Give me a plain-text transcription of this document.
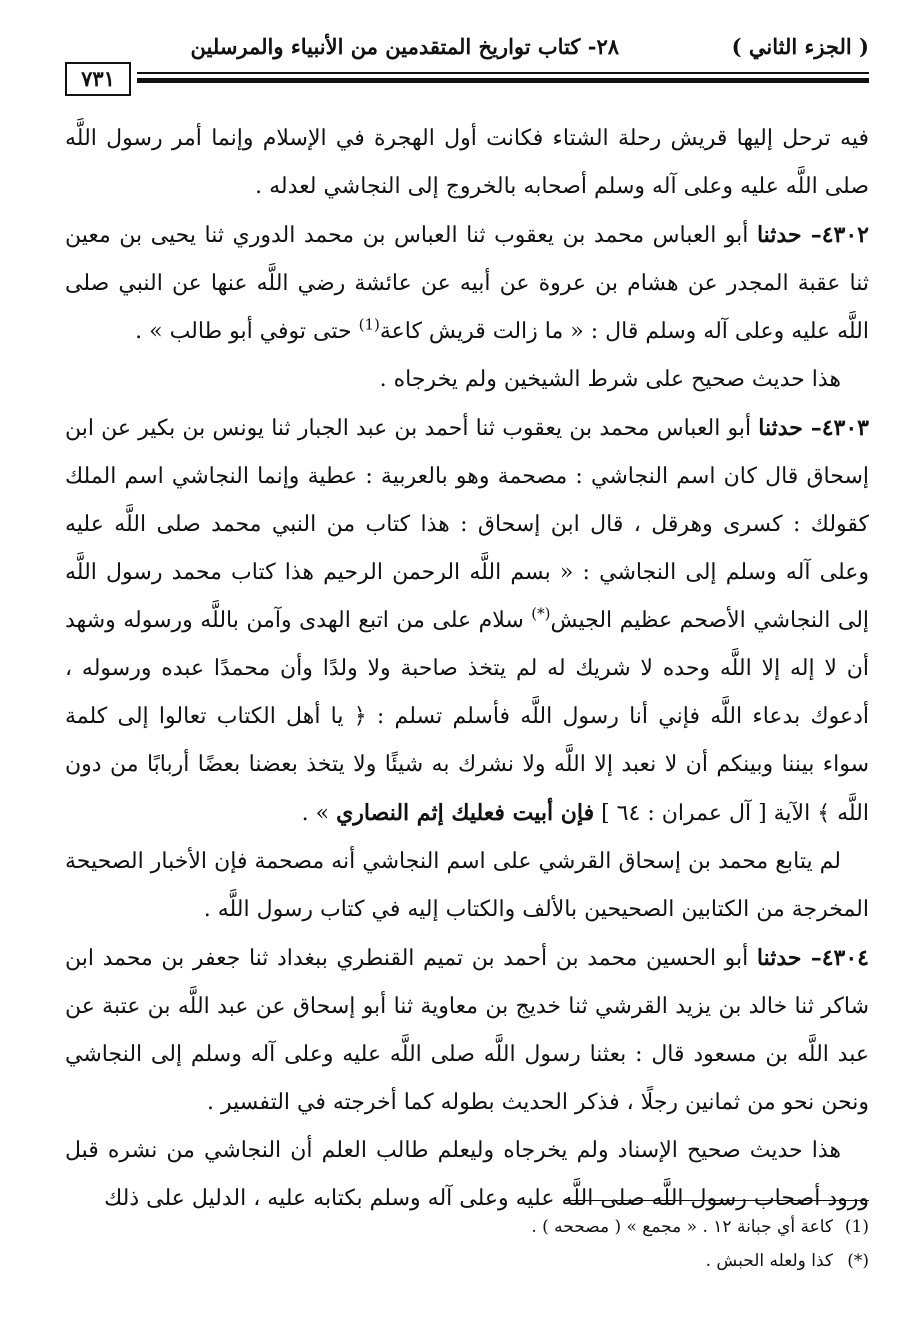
( الجزء الثاني )
٢٨- كتاب تواريخ المتقدمين من الأنبياء والمرسلين
٧٣١

فيه ترحل إليها قريش رحلة الشتاء فكانت أول الهجرة في الإسلام وإنما أمر رسول اللَّه صلى اللَّه عليه وعلى آله وسلم أصحابه بالخروج إلى النجاشي لعدله .

٤٣٠٢– حدثنا أبو العباس محمد بن يعقوب ثنا العباس بن محمد الدوري ثنا يحيى بن معين ثنا عقبة المجدر عن هشام بن عروة عن أبيه عن عائشة رضي اللَّه عنها عن النبي صلى اللَّه عليه وعلى آله وسلم قال : « ما زالت قريش كاعة$^{(1)}$ حتى توفي أبو طالب » .

هذا حديث صحيح على شرط الشيخين ولم يخرجاه .

٤٣٠٣– حدثنا أبو العباس محمد بن يعقوب ثنا أحمد بن عبد الجبار ثنا يونس بن بكير عن ابن إسحاق قال كان اسم النجاشي : مصحمة وهو بالعربية : عطية وإنما النجاشي اسم الملك كقولك : كسرى وهرقل ، قال ابن إسحاق : هذا كتاب من النبي محمد صلى اللَّه عليه وعلى آله وسلم إلى النجاشي : « بسم اللَّه الرحمن الرحيم هذا كتاب محمد رسول اللَّه إلى النجاشي الأصحم عظيم الجيش(*) سلام على من اتبع الهدى وآمن باللَّه ورسوله وشهد أن لا إله إلا اللَّه وحده لا شريك له لم يتخذ صاحبة ولا ولدًا وأن محمدًا عبده ورسوله ، أدعوك بدعاء اللَّه فإني أنا رسول اللَّه فأسلم تسلم : ﴿ يا أهل الكتاب تعالوا إلى كلمة سواء بيننا وبينكم أن لا نعبد إلا اللَّه ولا نشرك به شيئًا ولا يتخذ بعضنا بعضًا أربابًا من دون اللَّه ﴾ الآية [ آل عمران : ٦٤ ] فإن أبيت فعليك إثم النصاري » .

لم يتابع محمد بن إسحاق القرشي على اسم النجاشي أنه مصحمة فإن الأخبار الصحيحة المخرجة من الكتابين الصحيحين بالألف والكتاب إليه في كتاب رسول اللَّه .

٤٣٠٤– حدثنا أبو الحسين محمد بن أحمد بن تميم القنطري ببغداد ثنا جعفر بن محمد ابن شاكر ثنا خالد بن يزيد القرشي ثنا خديج بن معاوية ثنا أبو إسحاق عن عبد اللَّه بن عتبة عن عبد اللَّه بن مسعود قال : بعثنا رسول اللَّه صلى اللَّه عليه وعلى آله وسلم إلى النجاشي ونحن نحو من ثمانين رجلًا ، فذكر الحديث بطوله كما أخرجته في التفسير .

هذا حديث صحيح الإسناد ولم يخرجاه وليعلم طالب العلم أن النجاشي من نشره قبل ورود أصحاب رسول اللَّه صلى اللَّه عليه وعلى آله وسلم بكتابه عليه ، الدليل على ذلك

(1)كاعة أي جبانة ١٢ . « مجمع » ( مصححه ) .

(*)كذا ولعله الحبش .
